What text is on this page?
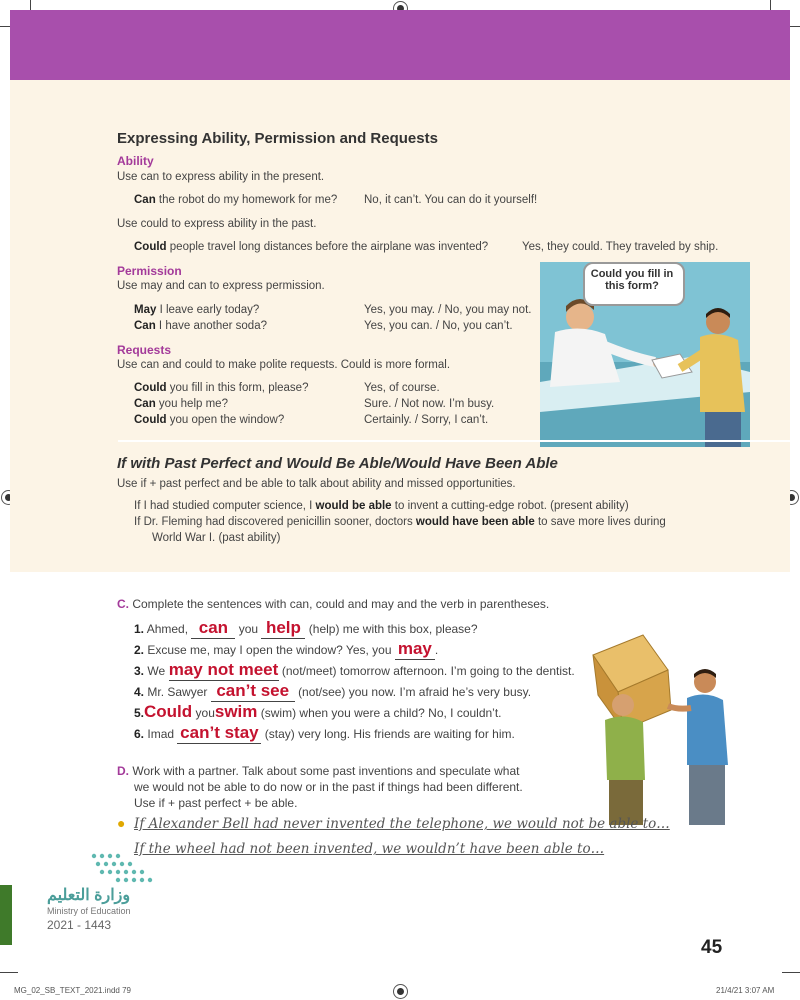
Expressing Ability, Permission and Requests
Ability
Use can to express ability in the present.
Can the robot do my homework for me? No, it can’t. You can do it yourself!
Use could to express ability in the past.
Could people travel long distances before the airplane was invented?	Yes, they could. They traveled by ship.
Permission
Use may and can to express permission.
May I leave early today?	Yes, you may. / No, you may not.
Can I have another soda?	Yes, you can. / No, you can’t.
Requests
Use can and could to make polite requests. Could is more formal.
Could you fill in this form, please?	Yes, of course.
Can you help me?	Sure. / Not now. I’m busy.
Could you open the window?	Certainly. / Sorry, I can’t.
Could you fill in this form?
If with Past Perfect and Would Be Able/Would Have Been Able
Use if + past perfect and be able to talk about ability and missed opportunities.
If I had studied computer science, I would be able to invent a cutting-edge robot. (present ability)
If Dr. Fleming had discovered penicillin sooner, doctors would have been able to save more lives during
World War I. (past ability)
C. Complete the sentences with can, could and may and the verb in parentheses.
1. Ahmed, can you help (help) me with this box, please?
2. Excuse me, may I open the window? Yes, you may .
3. We may not meet (not/meet) tomorrow afternoon. I’m going to the dentist.
4. Mr. Sawyer can’t see (not/see) you now. I’m afraid he’s very busy.
5.Could youswim (swim) when you were a child? No, I couldn’t.
6. Imad can’t stay (stay) very long. His friends are waiting for him.
D. Work with a partner. Talk about some past inventions and speculate what
we would not be able to do now or in the past if things had been different.
Use if + past perfect + be able.
● If Alexander Bell had never invented the telephone, we would not be able to…
If the wheel had not been invented, we wouldn’t have been able to…
وزارة التعليم
Ministry of Education
2021 - 1443
45
MG_02_SB_TEXT_2021.indd 79	21/4/21 3:07 AM
